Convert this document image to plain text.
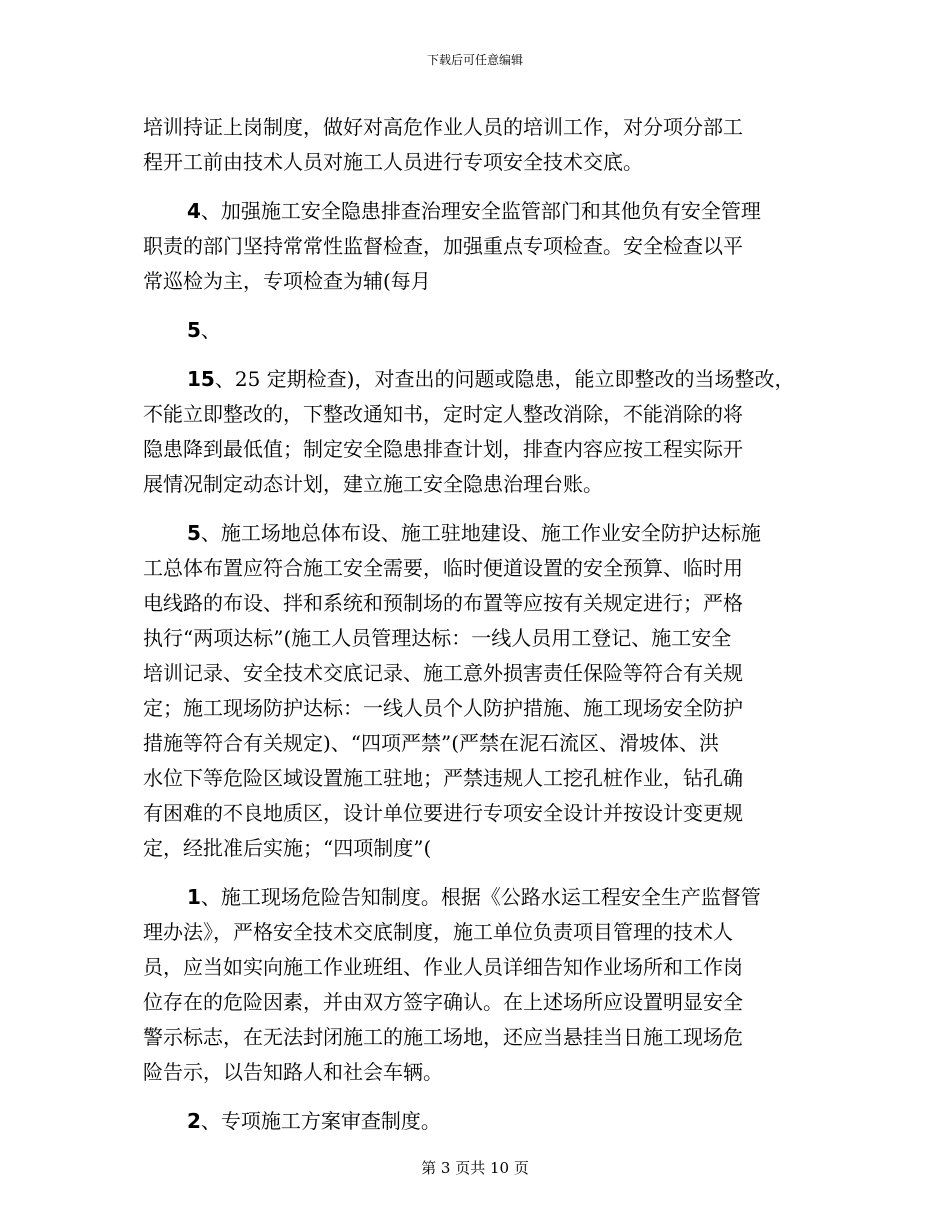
下载后可任意编辑
培训持证上岗制度，做好对高危作业人员的培训工作，对分项分部工
程开工前由技术人员对施工人员进行专项安全技术交底。
4、加强施工安全隐患排查治理安全监管部门和其他负有安全管理
职责的部门坚持常常性监督检查，加强重点专项检查。安全检查以平
常巡检为主，专项检查为辅(每月
5、
15、25 定期检查)，对查出的问题或隐患，能立即整改的当场整改，
不能立即整改的，下整改通知书，定时定人整改消除，不能消除的将
隐患降到最低值；制定安全隐患排查计划，排查内容应按工程实际开
展情况制定动态计划，建立施工安全隐患治理台账。
5、施工场地总体布设、施工驻地建设、施工作业安全防护达标施
工总体布置应符合施工安全需要，临时便道设置的安全预算、临时用
电线路的布设、拌和系统和预制场的布置等应按有关规定进行；严格
执行“两项达标”(施工人员管理达标：一线人员用工登记、施工安全
培训记录、安全技术交底记录、施工意外损害责任保险等符合有关规
定；施工现场防护达标：一线人员个人防护措施、施工现场安全防护
措施等符合有关规定)、“四项严禁”(严禁在泥石流区、滑坡体、洪
水位下等危险区域设置施工驻地；严禁违规人工挖孔桩作业，钻孔确
有困难的不良地质区，设计单位要进行专项安全设计并按设计变更规
定，经批准后实施；“四项制度”(
1、施工现场危险告知制度。根据《公路水运工程安全生产监督管
理办法》，严格安全技术交底制度，施工单位负责项目管理的技术人
员，应当如实向施工作业班组、作业人员详细告知作业场所和工作岗
位存在的危险因素，并由双方签字确认。在上述场所应设置明显安全
警示标志，在无法封闭施工的施工场地，还应当悬挂当日施工现场危
险告示，以告知路人和社会车辆。
2、专项施工方案审查制度。
第 3 页共 10 页
